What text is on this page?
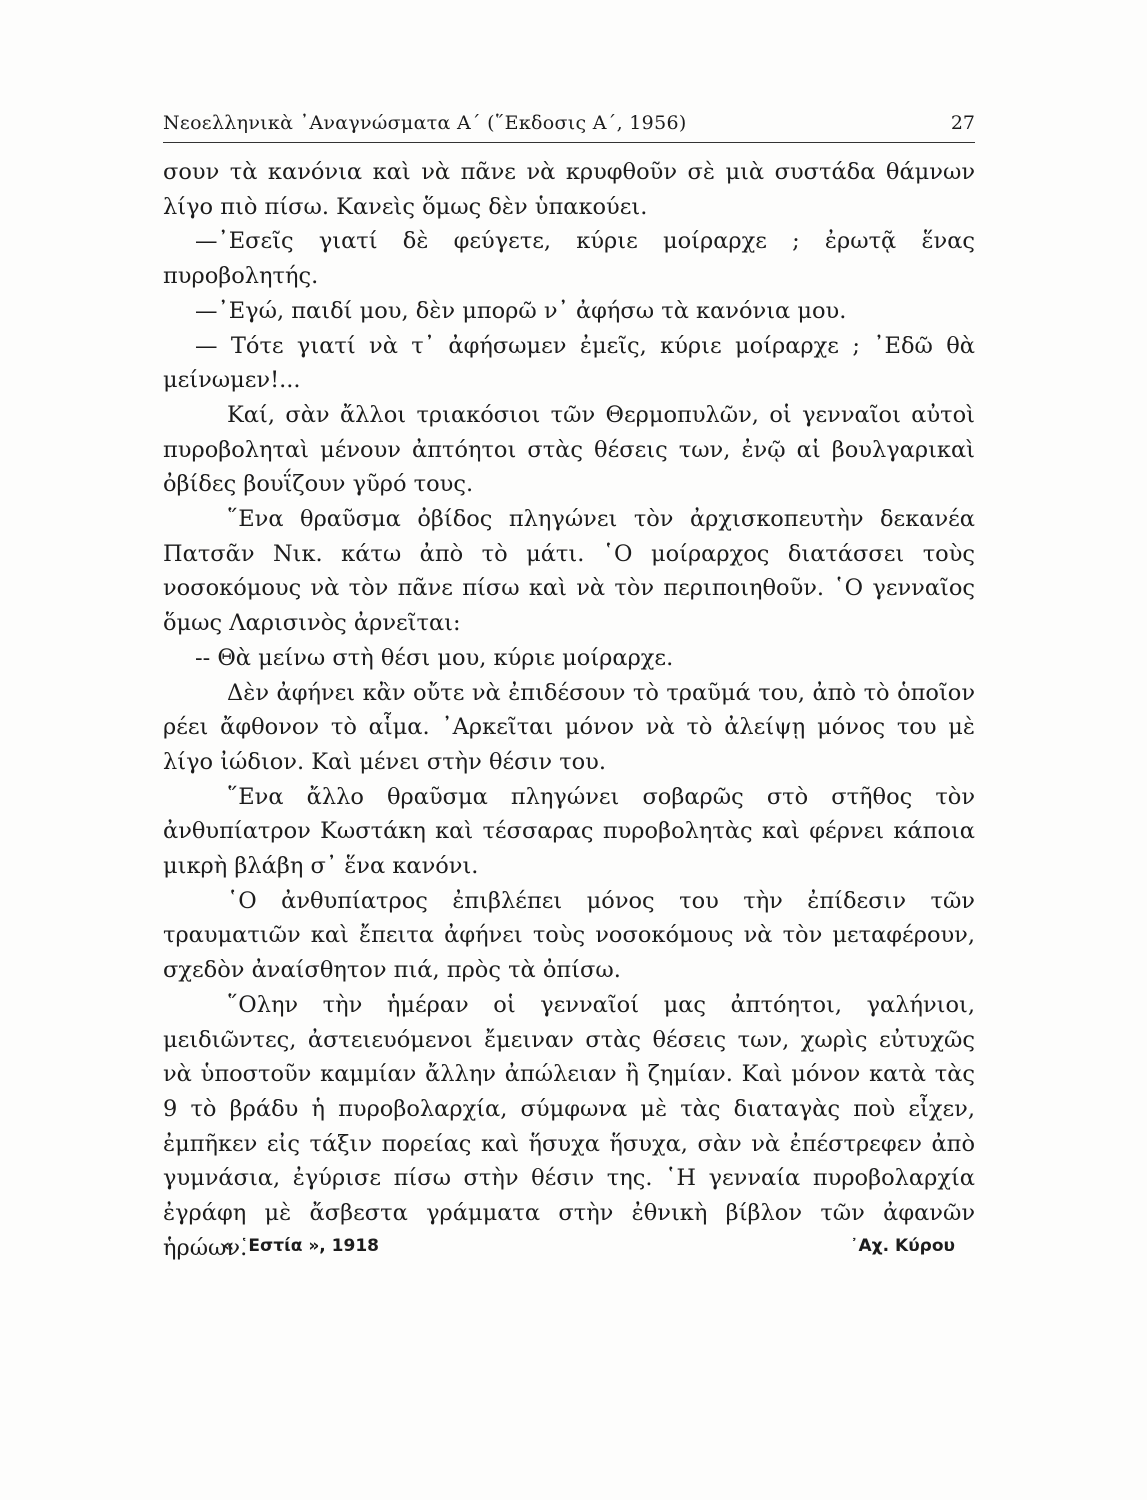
Νεοελληνικὰ ᾿Αναγνώσματα Α΄ (῞Εκδοσις Α΄, 1956)	27

σουν τὰ κανόνια καὶ νὰ πᾶνε νὰ κρυφθοῦν σὲ μιὰ συστάδα θάμνων λίγο πιὸ πίσω. Κανεὶς ὅμως δὲν ὑπακούει.

—᾿Εσεῖς γιατί δὲ φεύγετε, κύριε μοίραρχε ; ἐρωτᾷ ἕνας πυροβολητής.

—᾿Εγώ, παιδί μου, δὲν μπορῶ ν᾿ ἀφήσω τὰ κανόνια μου.

— Τότε γιατί νὰ τ᾿ ἀφήσωμεν ἐμεῖς, κύριε μοίραρχε ; ᾿Εδῶ θὰ μείνωμεν!...

Καί, σὰν ἄλλοι τριακόσιοι τῶν Θερμοπυλῶν, οἱ γενναῖοι αὐτοὶ πυροβοληταὶ μένουν ἀπτόητοι στὰς θέσεις των, ἐνῷ αἱ βουλγαρικαὶ ὀβίδες βουΐζουν γῦρό τους.

῞Ενα θραῦσμα ὀβίδος πληγώνει τὸν ἀρχισκοπευτὴν δεκανέα Πατσᾶν Νικ. κάτω ἀπὸ τὸ μάτι. ῾Ο μοίραρχος διατάσσει τοὺς νοσοκόμους νὰ τὸν πᾶνε πίσω καὶ νὰ τὸν περιποιηθοῦν. ῾Ο γενναῖος ὅμως Λαρισινὸς ἀρνεῖται:

-- Θὰ μείνω στὴ θέσι μου, κύριε μοίραρχε.

Δὲν ἀφήνει κἂν οὔτε νὰ ἐπιδέσουν τὸ τραῦμά του, ἀπὸ τὸ ὁποῖον ρέει ἄφθονον τὸ αἷμα. ᾿Αρκεῖται μόνον νὰ τὸ ἀλείψῃ μόνος του μὲ λίγο ἰώδιον. Καὶ μένει στὴν θέσιν του.

῞Ενα ἄλλο θραῦσμα πληγώνει σοβαρῶς στὸ στῆθος τὸν ἀνθυπίατρον Κωστάκη καὶ τέσσαρας πυροβολητὰς καὶ φέρνει κάποια μικρὴ βλάβη σ᾿ ἕνα κανόνι.

῾Ο ἀνθυπίατρος ἐπιβλέπει μόνος του τὴν ἐπίδεσιν τῶν τραυματιῶν καὶ ἔπειτα ἀφήνει τοὺς νοσοκόμους νὰ τὸν μεταφέρουν, σχεδὸν ἀναίσθητον πιά, πρὸς τὰ ὀπίσω.

῞Ολην τὴν ἡμέραν οἱ γενναῖοί μας ἀπτόητοι, γαλήνιοι, μειδιῶντες, ἀστειευόμενοι ἔμειναν στὰς θέσεις των, χωρὶς εὐτυχῶς νὰ ὑποστοῦν καμμίαν ἄλλην ἀπώλειαν ἢ ζημίαν. Καὶ μόνον κατὰ τὰς 9 τὸ βράδυ ἡ πυροβολαρχία, σύμφωνα μὲ τὰς διαταγὰς ποὺ εἶχεν, ἐμπῆκεν εἰς τάξιν πορείας καὶ ἥσυχα ἥσυχα, σὰν νὰ ἐπέστρεφεν ἀπὸ γυμνάσια, ἐγύρισε πίσω στὴν θέσιν της. ῾Η γενναία πυροβολαρχία ἐγράφη μὲ ἄσβεστα γράμματα στὴν ἐθνικὴ βίβλον τῶν ἀφανῶν ἡρώων.

« ῾Εστία », 1918	᾿Αχ. Κύρου
